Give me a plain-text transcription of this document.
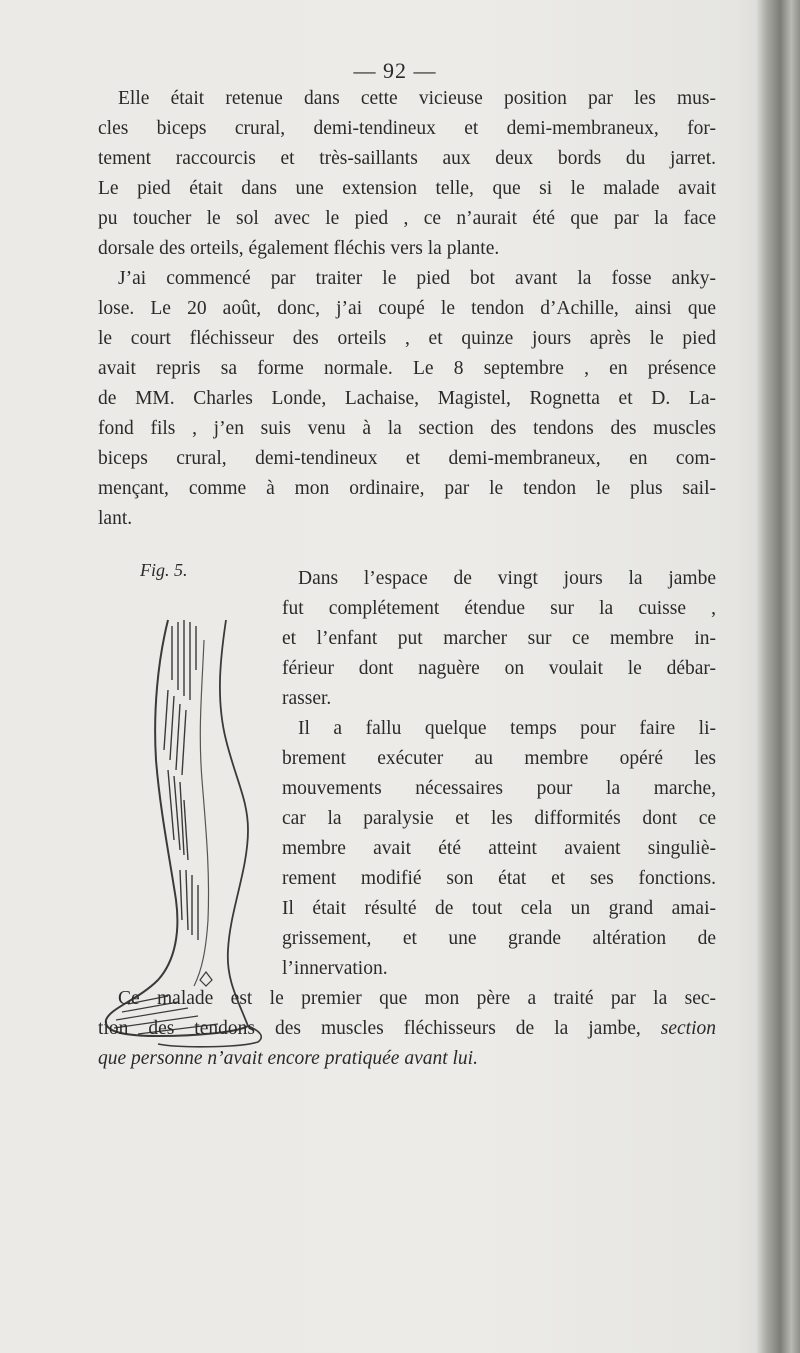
— 92 —
Elle était retenue dans cette vicieuse position par les mus-
cles biceps crural, demi-tendineux et demi-membraneux, for-
tement raccourcis et très-saillants aux deux bords du jarret.
Le pied était dans une extension telle, que si le malade avait
pu toucher le sol avec le pied , ce n’aurait été que par la face
dorsale des orteils, également fléchis vers la plante.
J’ai commencé par traiter le pied bot avant la fosse anky-
lose. Le 20 août, donc, j’ai coupé le tendon d’Achille, ainsi que
le court fléchisseur des orteils , et quinze jours après le pied
avait repris sa forme normale. Le 8 septembre , en présence
de MM. Charles Londe, Lachaise, Magistel, Rognetta et D. La-
fond fils , j’en suis venu à la section des tendons des muscles
biceps crural, demi-tendineux et demi-membraneux, en com-
mençant, comme à mon ordinaire, par le tendon le plus sail-
lant.
Fig. 5.	Dans l’espace de vingt jours la jambe
fut complétement étendue sur la cuisse ,
et l’enfant put marcher sur ce membre in-
férieur dont naguère on voulait le débar-
rasser.
Il a fallu quelque temps pour faire li-
brement exécuter au membre opéré les
mouvements nécessaires pour la marche,
car la paralysie et les difformités dont ce
membre avait été atteint avaient singuliè-
rement modifié son état et ses fonctions.
Il était résulté de tout cela un grand amai-
grissement, et une grande altération de
l’innervation.
Ce malade est le premier que mon père a traité par la sec-
tion des tendons des muscles fléchisseurs de la jambe, section
que personne n’avait encore pratiquée avant lui.
